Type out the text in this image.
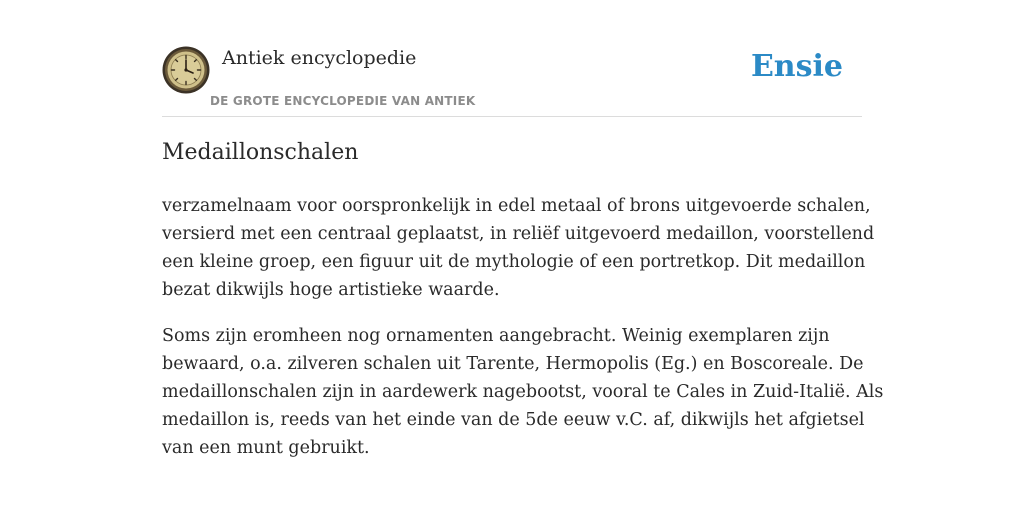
Antiek encyclopedie
DE GROTE ENCYCLOPEDIE VAN ANTIEK
Ensie
Medaillonschalen

verzamelnaam voor oorspronkelijk in edel metaal of brons uitgevoerde schalen,
versierd met een centraal geplaatst, in reliëf uitgevoerd medaillon, voorstellend
een kleine groep, een figuur uit de mythologie of een portretkop. Dit medaillon
bezat dikwijls hoge artistieke waarde.

Soms zijn eromheen nog ornamenten aangebracht. Weinig exemplaren zijn
bewaard, o.a. zilveren schalen uit Tarente, Hermopolis (Eg.) en Boscoreale. De
medaillonschalen zijn in aardewerk nagebootst, vooral te Cales in Zuid-Italië. Als
medaillon is, reeds van het einde van de 5de eeuw v.C. af, dikwijls het afgietsel
van een munt gebruikt.
